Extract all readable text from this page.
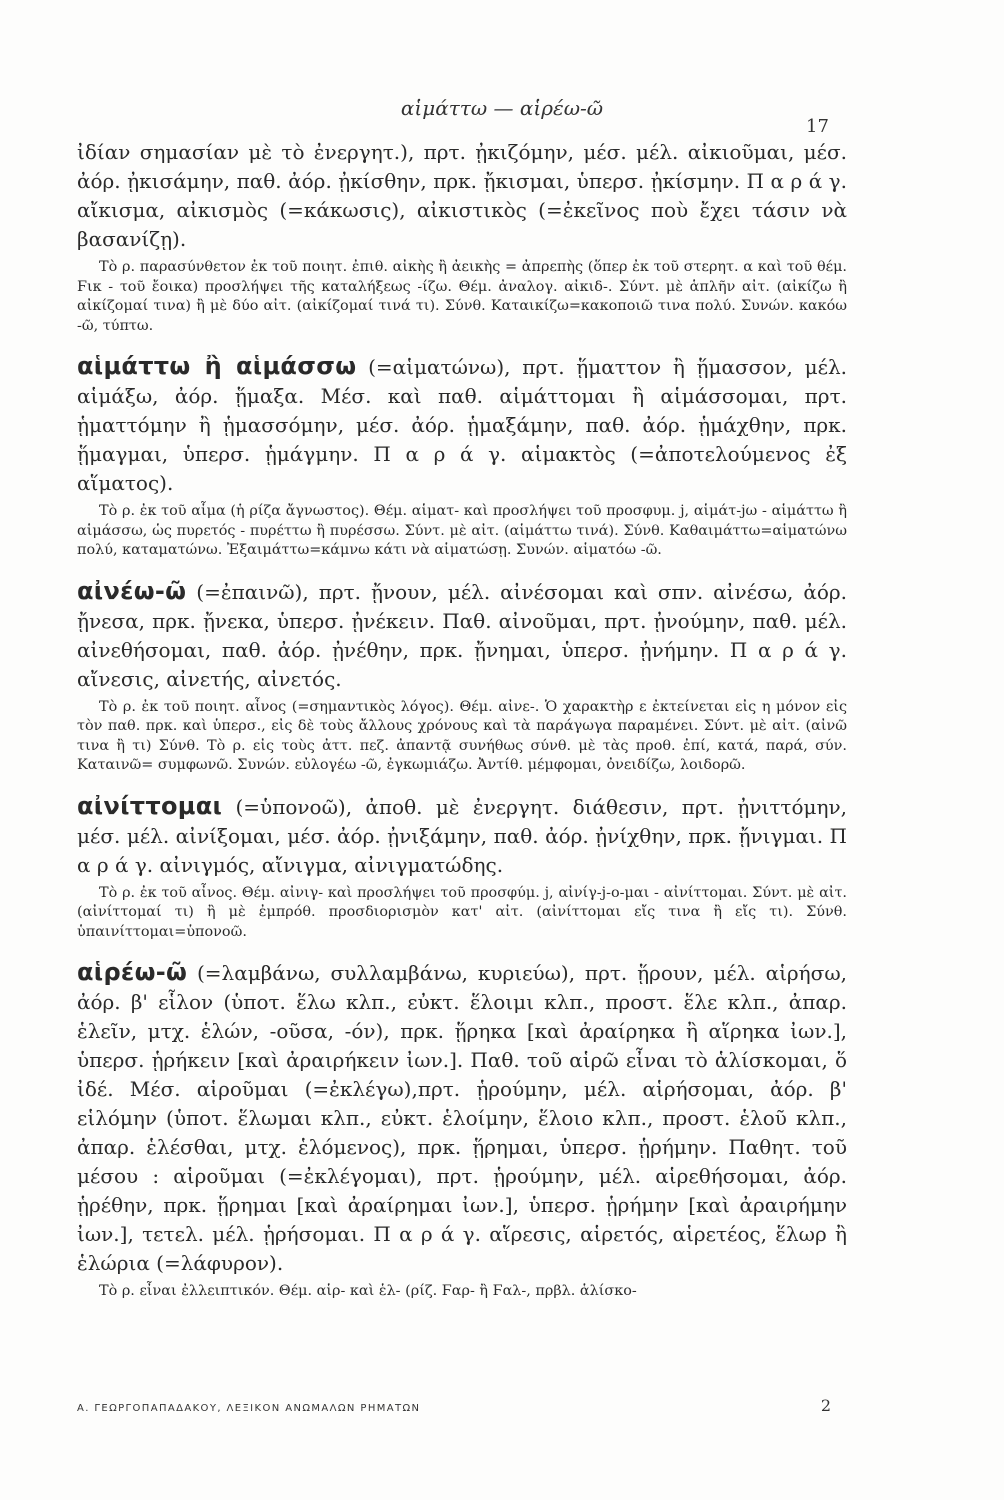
αἱμάττω — αἱρέω-ῶ
17

ἰδίαν σημασίαν μὲ τὸ ἐνεργητ.), πρτ. ᾐκιζόμην, μέσ. μέλ. αἰκιοῦμαι, μέσ. ἀόρ. ᾐκισάμην, παθ. ἀόρ. ᾐκίσθην, πρκ. ᾔκισμαι, ὑπερσ. ᾐκίσμην. Π α ρ ά γ. αἴκισμα, αἰκισμὸς (=κάκωσις), αἰκιστικὸς (=ἐκεῖνος ποὺ ἔχει τάσιν νὰ βασανίζῃ).

Τὸ ρ. παρασύνθετον ἐκ τοῦ ποιητ. ἐπιθ. αἰκὴς ἢ ἀεικὴς = ἀπρεπὴς (ὅπερ ἐκ τοῦ στερητ. α καὶ τοῦ θέμ. Ϝικ - τοῦ ἔοικα) προσλήψει τῆς καταλήξεως -ίζω. Θέμ. ἀναλογ. αἰκιδ-. Σύντ. μὲ ἁπλῆν αἰτ. (αἰκίζω ἢ αἰκίζομαί τινα) ἢ μὲ δύο αἰτ. (αἰκίζομαί τινά τι). Σύνθ. Καταικίζω=κακοποιῶ τινα πολύ. Συνών. κακόω -ῶ, τύπτω.

αἱμάττω ἢ αἱμάσσω (=αἱματώνω), πρτ. ᾕματτον ἢ ᾕμασσον, μέλ. αἱμάξω, ἀόρ. ᾕμαξα. Μέσ. καὶ παθ. αἱμάττομαι ἢ αἱμάσσομαι, πρτ. ᾑματτόμην ἢ ᾑμασσόμην, μέσ. ἀόρ. ᾑμαξάμην, παθ. ἀόρ. ᾑμάχθην, πρκ. ᾕμαγμαι, ὑπερσ. ᾑμάγμην. Π α ρ ά γ. αἱμακτὸς (=ἀποτελούμενος ἐξ αἵματος).

Τὸ ρ. ἐκ τοῦ αἷμα (ἡ ρίζα ἄγνωστος). Θέμ. αἱματ- καὶ προσλήψει τοῦ προσφυμ. j, αἱμάτ-jω - αἱμάττω ἢ αἱμάσσω, ὡς πυρετός - πυρέττω ἢ πυρέσσω. Σύντ. μὲ αἰτ. (αἱμάττω τινά). Σύνθ. Καθαιμάττω=αἱματώνω πολύ, καταματώνω. Ἐξαιμάττω=κάμνω κάτι νὰ αἱματώσῃ. Συνών. αἱματόω -ῶ.

αἰνέω-ῶ (=ἐπαινῶ), πρτ. ᾔνουν, μέλ. αἰνέσομαι καὶ σπν. αἰνέσω, ἀόρ. ᾔνεσα, πρκ. ᾔνεκα, ὑπερσ. ᾐνέκειν. Παθ. αἰνοῦμαι, πρτ. ᾐνούμην, παθ. μέλ. αἰνεθήσομαι, παθ. ἀόρ. ᾐνέθην, πρκ. ᾔνημαι, ὑπερσ. ᾐνήμην. Π α ρ ά γ. αἴνεσις, αἰνετής, αἰνετός.

Τὸ ρ. ἐκ τοῦ ποιητ. αἶνος (=σημαντικὸς λόγος). Θέμ. αἰνε-. Ὁ χαρακτὴρ ε ἐκτείνεται εἰς η μόνον εἰς τὸν παθ. πρκ. καὶ ὑπερσ., εἰς δὲ τοὺς ἄλλους χρόνους καὶ τὰ παράγωγα παραμένει. Σύντ. μὲ αἰτ. (αἰνῶ τινα ἢ τι) Σύνθ. Τὸ ρ. εἰς τοὺς ἀττ. πεζ. ἀπαντᾷ συνήθως σύνθ. μὲ τὰς προθ. ἐπί, κατά, παρά, σύν. Καταινῶ= συμφωνῶ. Συνών. εὐλογέω -ῶ, ἐγκωμιάζω. Ἀντίθ. μέμφομαι, ὀνειδίζω, λοιδορῶ.

αἰνίττομαι (=ὑπονοῶ), ἀποθ. μὲ ἐνεργητ. διάθεσιν, πρτ. ᾐνιττόμην, μέσ. μέλ. αἰνίξομαι, μέσ. ἀόρ. ᾐνιξάμην, παθ. ἀόρ. ᾐνίχθην, πρκ. ᾔνιγμαι. Π α ρ ά γ. αἰνιγμός, αἴνιγμα, αἰνιγματώδης.

Τὸ ρ. ἐκ τοῦ αἶνος. Θέμ. αἰνιγ- καὶ προσλήψει τοῦ προσφύμ. j, αἰνίγ-j-ο-μαι - αἰνίττομαι. Σύντ. μὲ αἰτ. (αἰνίττομαί τι) ἢ μὲ ἐμπρόθ. προσδιορισμὸν κατ' αἰτ. (αἰνίττομαι εἴς τινα ἢ εἴς τι). Σύνθ. ὑπαινίττομαι=ὑπονοῶ.

αἱρέω-ῶ (=λαμβάνω, συλλαμβάνω, κυριεύω), πρτ. ᾕρουν, μέλ. αἱρήσω, ἀόρ. β' εἷλον (ὑποτ. ἕλω κλπ., εὐκτ. ἕλοιμι κλπ., προστ. ἕλε κλπ., ἀπαρ. ἑλεῖν, μτχ. ἑλών, -οῦσα, -όν), πρκ. ᾕρηκα [καὶ ἀραίρηκα ἢ αἵρηκα ἰων.], ὑπερσ. ᾑρήκειν [καὶ ἀραιρήκειν ἰων.]. Παθ. τοῦ αἱρῶ εἶναι τὸ ἁλίσκομαι, ὅ ἰδέ. Μέσ. αἱροῦμαι (=ἐκλέγω),πρτ. ᾑρούμην, μέλ. αἱρήσομαι, ἀόρ. β' εἱλόμην (ὑποτ. ἕλωμαι κλπ., εὐκτ. ἑλοίμην, ἕλοιο κλπ., προστ. ἑλοῦ κλπ., ἀπαρ. ἑλέσθαι, μτχ. ἑλόμενος), πρκ. ᾕρημαι, ὑπερσ. ᾑρήμην. Παθητ. τοῦ μέσου : αἱροῦμαι (=ἐκλέγομαι), πρτ. ᾑρούμην, μέλ. αἱρεθήσομαι, ἀόρ. ᾑρέθην, πρκ. ᾕρημαι [καὶ ἀραίρημαι ἰων.], ὑπερσ. ᾑρήμην [καὶ ἀραιρήμην ἰων.], τετελ. μέλ. ᾑρήσομαι. Π α ρ ά γ. αἵρεσις, αἱρετός, αἱρετέος, ἕλωρ ἢ ἑλώρια (=λάφυρον).

Τὸ ρ. εἶναι ἐλλειπτικόν. Θέμ. αἱρ- καὶ ἑλ- (ρίζ. Ϝαρ- ἢ Ϝαλ-, πρβλ. ἁλίσκο-

Α. ΓΕΩΡΓΟΠΑΠΑΔΑΚΟΥ, ΛΕΞΙΚΟΝ ΑΝΩΜΑΛΩΝ ΡΗΜΑΤΩΝ	2
